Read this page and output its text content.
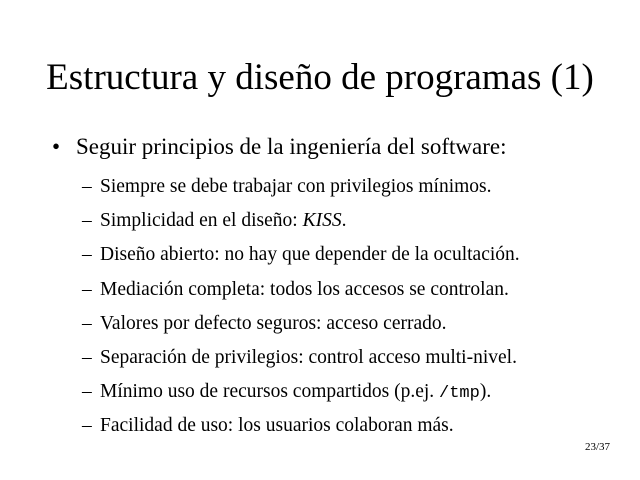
Estructura y diseño de programas (1)
• Seguir principios de la ingeniería del software:
– Siempre se debe trabajar con privilegios mínimos.
– Simplicidad en el diseño: KISS.
– Diseño abierto: no hay que depender de la ocultación.
– Mediación completa: todos los accesos se controlan.
– Valores por defecto seguros: acceso cerrado.
– Separación de privilegios: control acceso multi-nivel.
– Mínimo uso de recursos compartidos (p.ej. /tmp).
– Facilidad de uso: los usuarios colaboran más.
23/37
